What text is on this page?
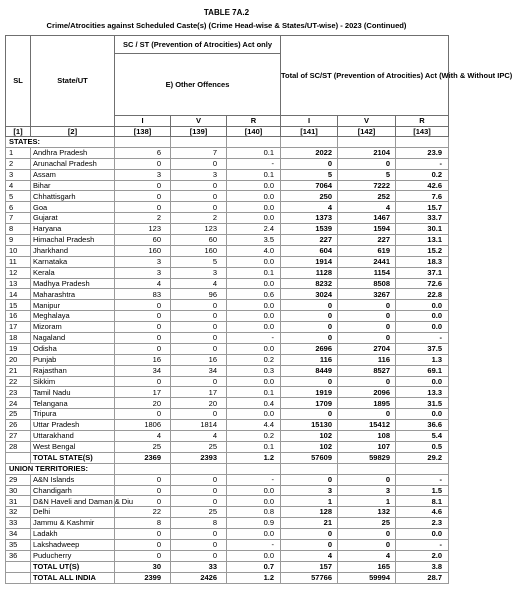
TABLE 7A.2
Crime/Atrocities against Scheduled Caste(s) (Crime Head-wise & States/UT-wise) - 2023 (Continued)
SL	State/UT	SC / ST (Prevention of Atrocities) Act only			Total of SC/ST (Prevention of Atrocities) Act (With & Without IPC)		
		E) Other Offences					
		I	V	R	I	V	R
[1]	[2]	[138]	[139]	[140]	[141]	[142]	[143]
STATES:							
1	Andhra Pradesh	6	7	0.1	2022	2104	23.9
2	Arunachal Pradesh	0	0	-	0	0	-
3	Assam	3	3	0.1	5	5	0.2
4	Bihar	0	0	0.0	7064	7222	42.6
5	Chhattisgarh	0	0	0.0	250	252	7.6
6	Goa	0	0	0.0	4	4	15.7
7	Gujarat	2	2	0.0	1373	1467	33.7
8	Haryana	123	123	2.4	1539	1594	30.1
9	Himachal Pradesh	60	60	3.5	227	227	13.1
10	Jharkhand	160	160	4.0	604	619	15.2
11	Karnataka	3	5	0.0	1914	2441	18.3
12	Kerala	3	3	0.1	1128	1154	37.1
13	Madhya Pradesh	4	4	0.0	8232	8508	72.6
14	Maharashtra	83	96	0.6	3024	3267	22.8
15	Manipur	0	0	0.0	0	0	0.0
16	Meghalaya	0	0	0.0	0	0	0.0
17	Mizoram	0	0	0.0	0	0	0.0
18	Nagaland	0	0	-	0	0	-
19	Odisha	0	0	0.0	2696	2704	37.5
20	Punjab	16	16	0.2	116	116	1.3
21	Rajasthan	34	34	0.3	8449	8527	69.1
22	Sikkim	0	0	0.0	0	0	0.0
23	Tamil Nadu	17	17	0.1	1919	2096	13.3
24	Telangana	20	20	0.4	1709	1895	31.5
25	Tripura	0	0	0.0	0	0	0.0
26	Uttar Pradesh	1806	1814	4.4	15130	15412	36.6
27	Uttarakhand	4	4	0.2	102	108	5.4
28	West Bengal	25	25	0.1	102	107	0.5
	TOTAL STATE(S)	2369	2393	1.2	57609	59829	29.2
UNION TERRITORIES:							
29	A&N Islands	0	0	-	0	0	-
30	Chandigarh	0	0	0.0	3	3	1.5
31	D&N Haveli and Daman & Diu	0	0	0.0	1	1	8.1
32	Delhi	22	25	0.8	128	132	4.6
33	Jammu & Kashmir	8	8	0.9	21	25	2.3
34	Ladakh	0	0	0.0	0	0	0.0
35	Lakshadweep	0	0	-	0	0	-
36	Puducherry	0	0	0.0	4	4	2.0
	TOTAL UT(S)	30	33	0.7	157	165	3.8
	TOTAL ALL INDIA	2399	2426	1.2	57766	59994	28.7
